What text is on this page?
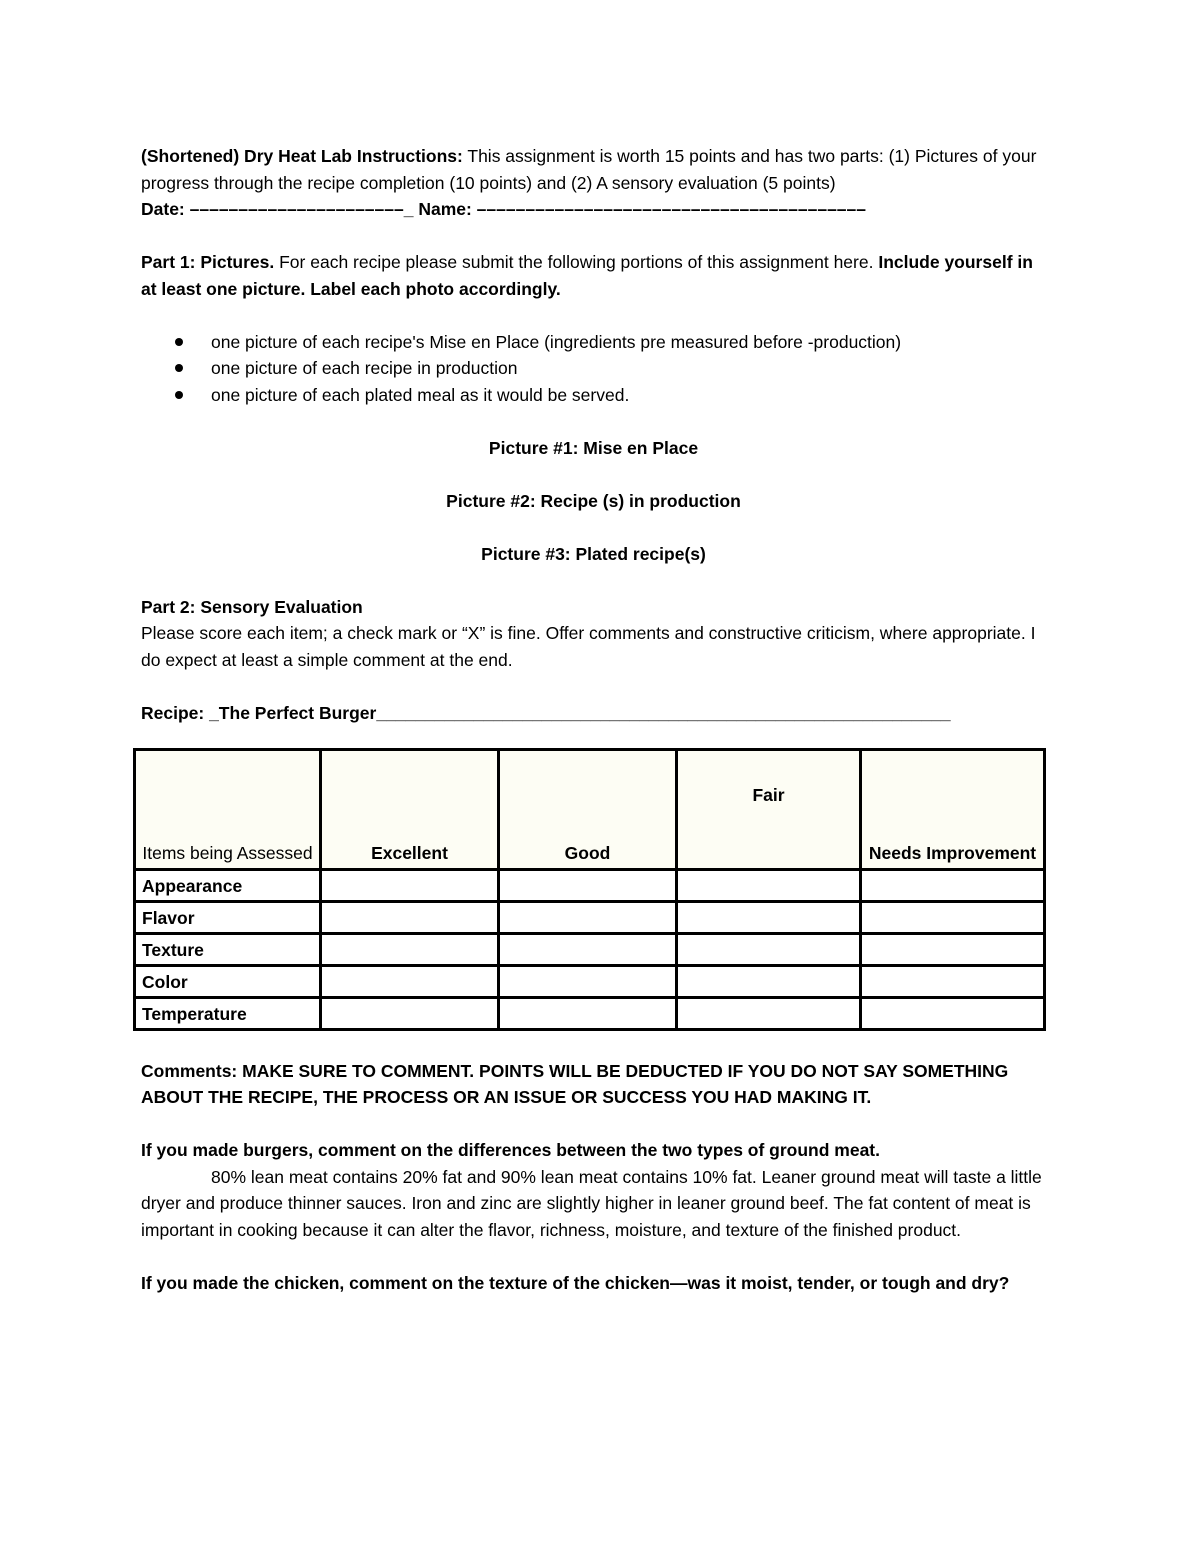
(Shortened) Dry Heat Lab Instructions: This assignment is worth 15 points and has two parts: (1) Pictures of your progress through the recipe completion (10 points) and (2) A sensory evaluation (5 points)

Date: ––––––––––––––––––––––_ Name: ––––––––––––––––––––––––––––––––––––––––

Part 1: Pictures. For each recipe please submit the following portions of this assignment here. Include yourself in at least one picture. Label each photo accordingly.

one picture of each recipe's Mise en Place (ingredients pre measured before -production)
one picture of each recipe in production
one picture of each plated meal as it would be served.

Picture #1: Mise en Place

Picture #2: Recipe (s) in production

Picture #3: Plated recipe(s)

Part 2: Sensory Evaluation

Please score each item; a check mark or “X” is fine. Offer comments and constructive criticism, where appropriate. I do expect at least a simple comment at the end.

Recipe: _The Perfect Burger___________________________________________________________

Items being Assessed	Excellent	Good	Fair	Needs Improvement
Appearance				
Flavor				
Texture				
Color				
Temperature				

Comments: MAKE SURE TO COMMENT. POINTS WILL BE DEDUCTED IF YOU DO NOT SAY SOMETHING ABOUT THE RECIPE, THE PROCESS OR AN ISSUE OR SUCCESS YOU HAD MAKING IT.

If you made burgers, comment on the differences between the two types of ground meat.

80% lean meat contains 20% fat and 90% lean meat contains 10% fat. Leaner ground meat will taste a little dryer and produce thinner sauces. Iron and zinc are slightly higher in leaner ground beef. The fat content of meat is important in cooking because it can alter the flavor, richness, moisture, and texture of the finished product.

If you made the chicken, comment on the texture of the chicken—was it moist, tender, or tough and dry?
